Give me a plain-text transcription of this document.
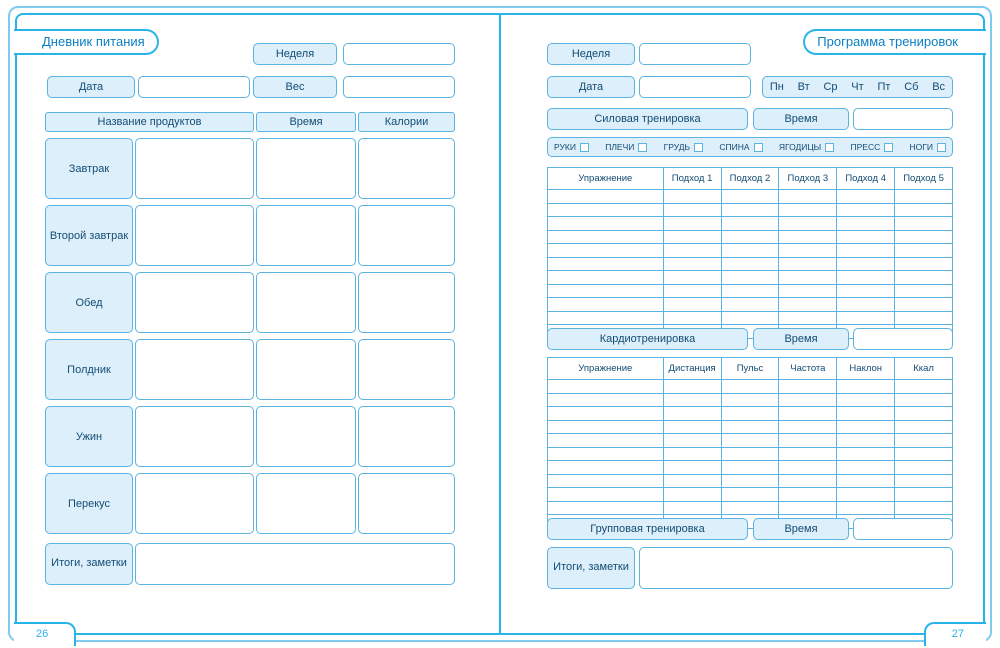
Дневник питания
Неделя
Дата	Вес
Название продуктов	Время	Калории
Завтрак
Второй завтрак
Обед
Полдник
Ужин
Перекус
Итоги, заметки
26
Программа тренировок
Неделя
Дата	Пн Вт Ср Чт Пт Сб Вс
Силовая тренировка	Время
РУКИ	ПЛЕЧИ	ГРУДЬ	СПИНА	ЯГОДИЦЫ	ПРЕСС	НОГИ
Упражнение	Подход 1	Подход 2	Подход 3	Подход 4	Подход 5

Кардиотренировка	Время
Упражнение	Дистанция	Пульс	Частота	Наклон	Ккал

Групповая тренировка	Время
Итоги, заметки
27
